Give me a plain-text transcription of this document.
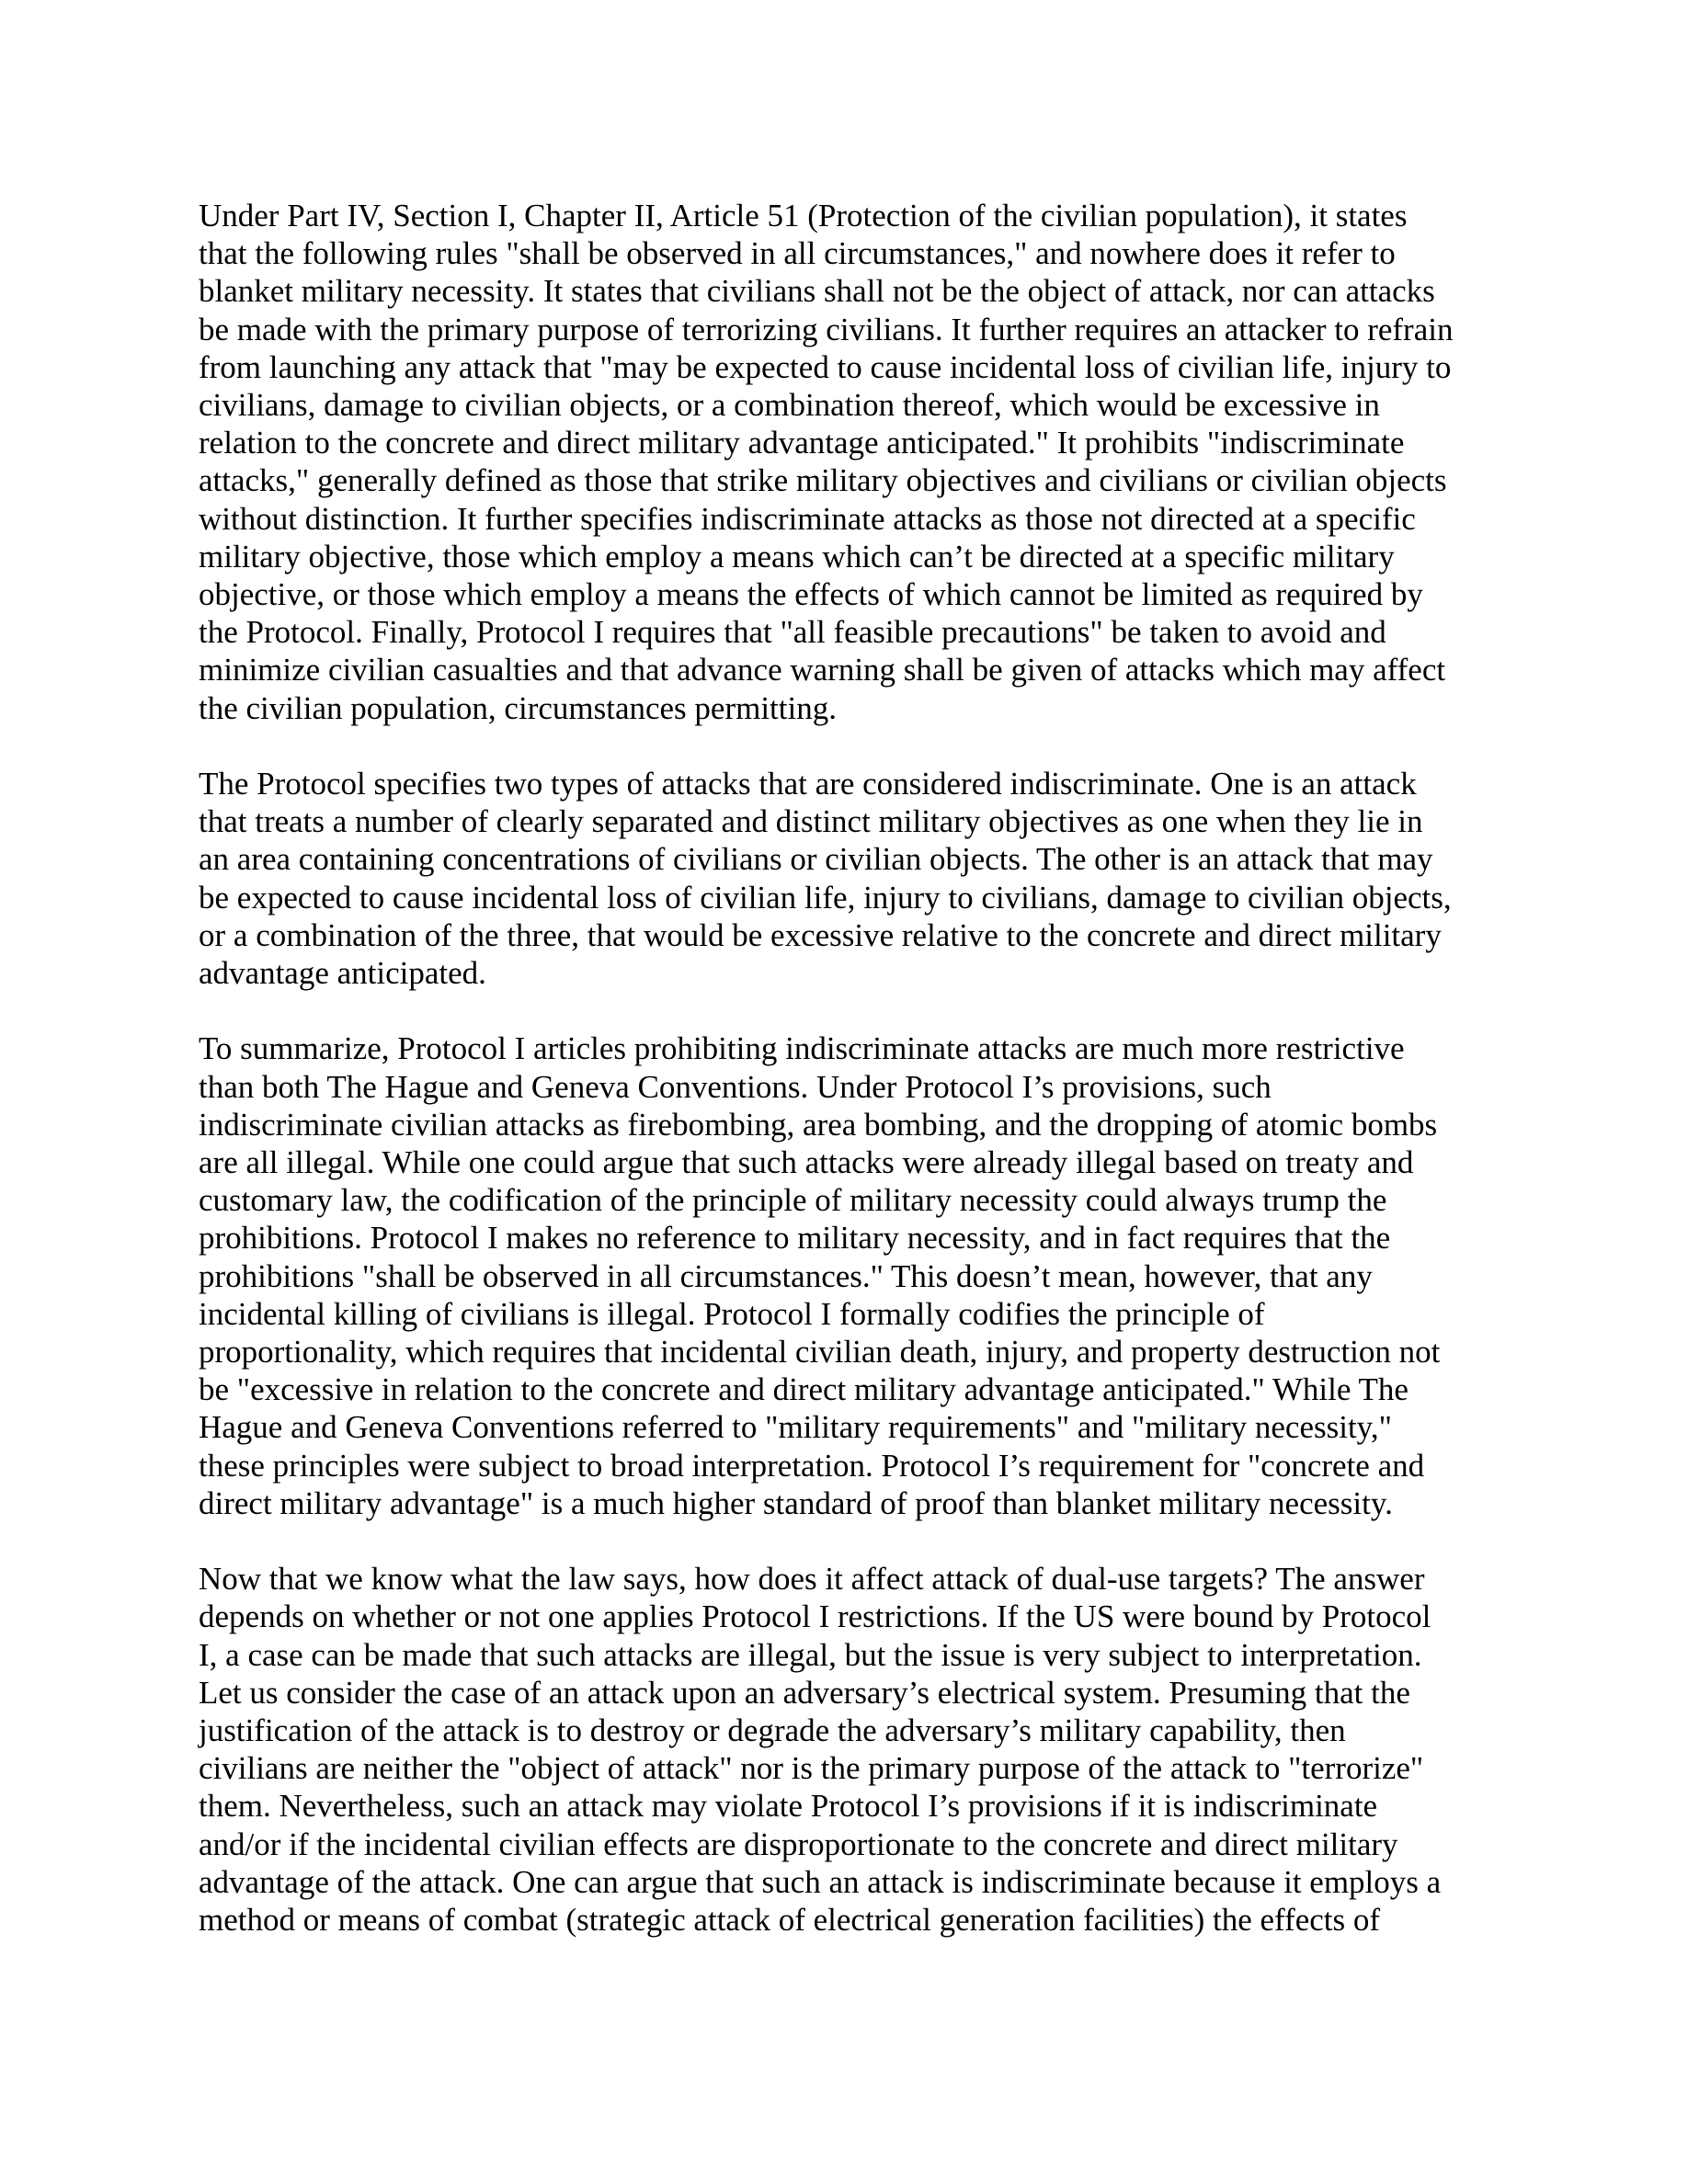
Under Part IV, Section I, Chapter II, Article 51 (Protection of the civilian population), it states
that the following rules "shall be observed in all circumstances," and nowhere does it refer to
blanket military necessity. It states that civilians shall not be the object of attack, nor can attacks
be made with the primary purpose of terrorizing civilians. It further requires an attacker to refrain
from launching any attack that "may be expected to cause incidental loss of civilian life, injury to
civilians, damage to civilian objects, or a combination thereof, which would be excessive in
relation to the concrete and direct military advantage anticipated." It prohibits "indiscriminate
attacks," generally defined as those that strike military objectives and civilians or civilian objects
without distinction. It further specifies indiscriminate attacks as those not directed at a specific
military objective, those which employ a means which can’t be directed at a specific military
objective, or those which employ a means the effects of which cannot be limited as required by
the Protocol. Finally, Protocol I requires that "all feasible precautions" be taken to avoid and
minimize civilian casualties and that advance warning shall be given of attacks which may affect
the civilian population, circumstances permitting.

The Protocol specifies two types of attacks that are considered indiscriminate. One is an attack
that treats a number of clearly separated and distinct military objectives as one when they lie in
an area containing concentrations of civilians or civilian objects. The other is an attack that may
be expected to cause incidental loss of civilian life, injury to civilians, damage to civilian objects,
or a combination of the three, that would be excessive relative to the concrete and direct military
advantage anticipated.

To summarize, Protocol I articles prohibiting indiscriminate attacks are much more restrictive
than both The Hague and Geneva Conventions. Under Protocol I’s provisions, such
indiscriminate civilian attacks as firebombing, area bombing, and the dropping of atomic bombs
are all illegal. While one could argue that such attacks were already illegal based on treaty and
customary law, the codification of the principle of military necessity could always trump the
prohibitions. Protocol I makes no reference to military necessity, and in fact requires that the
prohibitions "shall be observed in all circumstances." This doesn’t mean, however, that any
incidental killing of civilians is illegal. Protocol I formally codifies the principle of
proportionality, which requires that incidental civilian death, injury, and property destruction not
be "excessive in relation to the concrete and direct military advantage anticipated." While The
Hague and Geneva Conventions referred to "military requirements" and "military necessity,"
these principles were subject to broad interpretation. Protocol I’s requirement for "concrete and
direct military advantage" is a much higher standard of proof than blanket military necessity.

Now that we know what the law says, how does it affect attack of dual-use targets? The answer
depends on whether or not one applies Protocol I restrictions. If the US were bound by Protocol
I, a case can be made that such attacks are illegal, but the issue is very subject to interpretation.
Let us consider the case of an attack upon an adversary’s electrical system. Presuming that the
justification of the attack is to destroy or degrade the adversary’s military capability, then
civilians are neither the "object of attack" nor is the primary purpose of the attack to "terrorize"
them. Nevertheless, such an attack may violate Protocol I’s provisions if it is indiscriminate
and/or if the incidental civilian effects are disproportionate to the concrete and direct military
advantage of the attack. One can argue that such an attack is indiscriminate because it employs a
method or means of combat (strategic attack of electrical generation facilities) the effects of
